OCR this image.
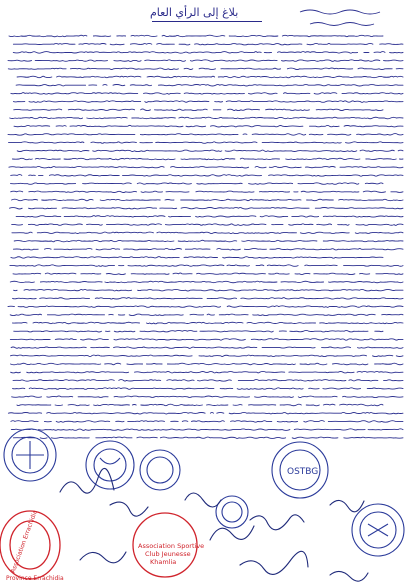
بلاغ إلى الرأي العام
OSTBG
Association Errachidia
Province Errachidia
Association Sportive
Club Jeunesse
Khamlia
